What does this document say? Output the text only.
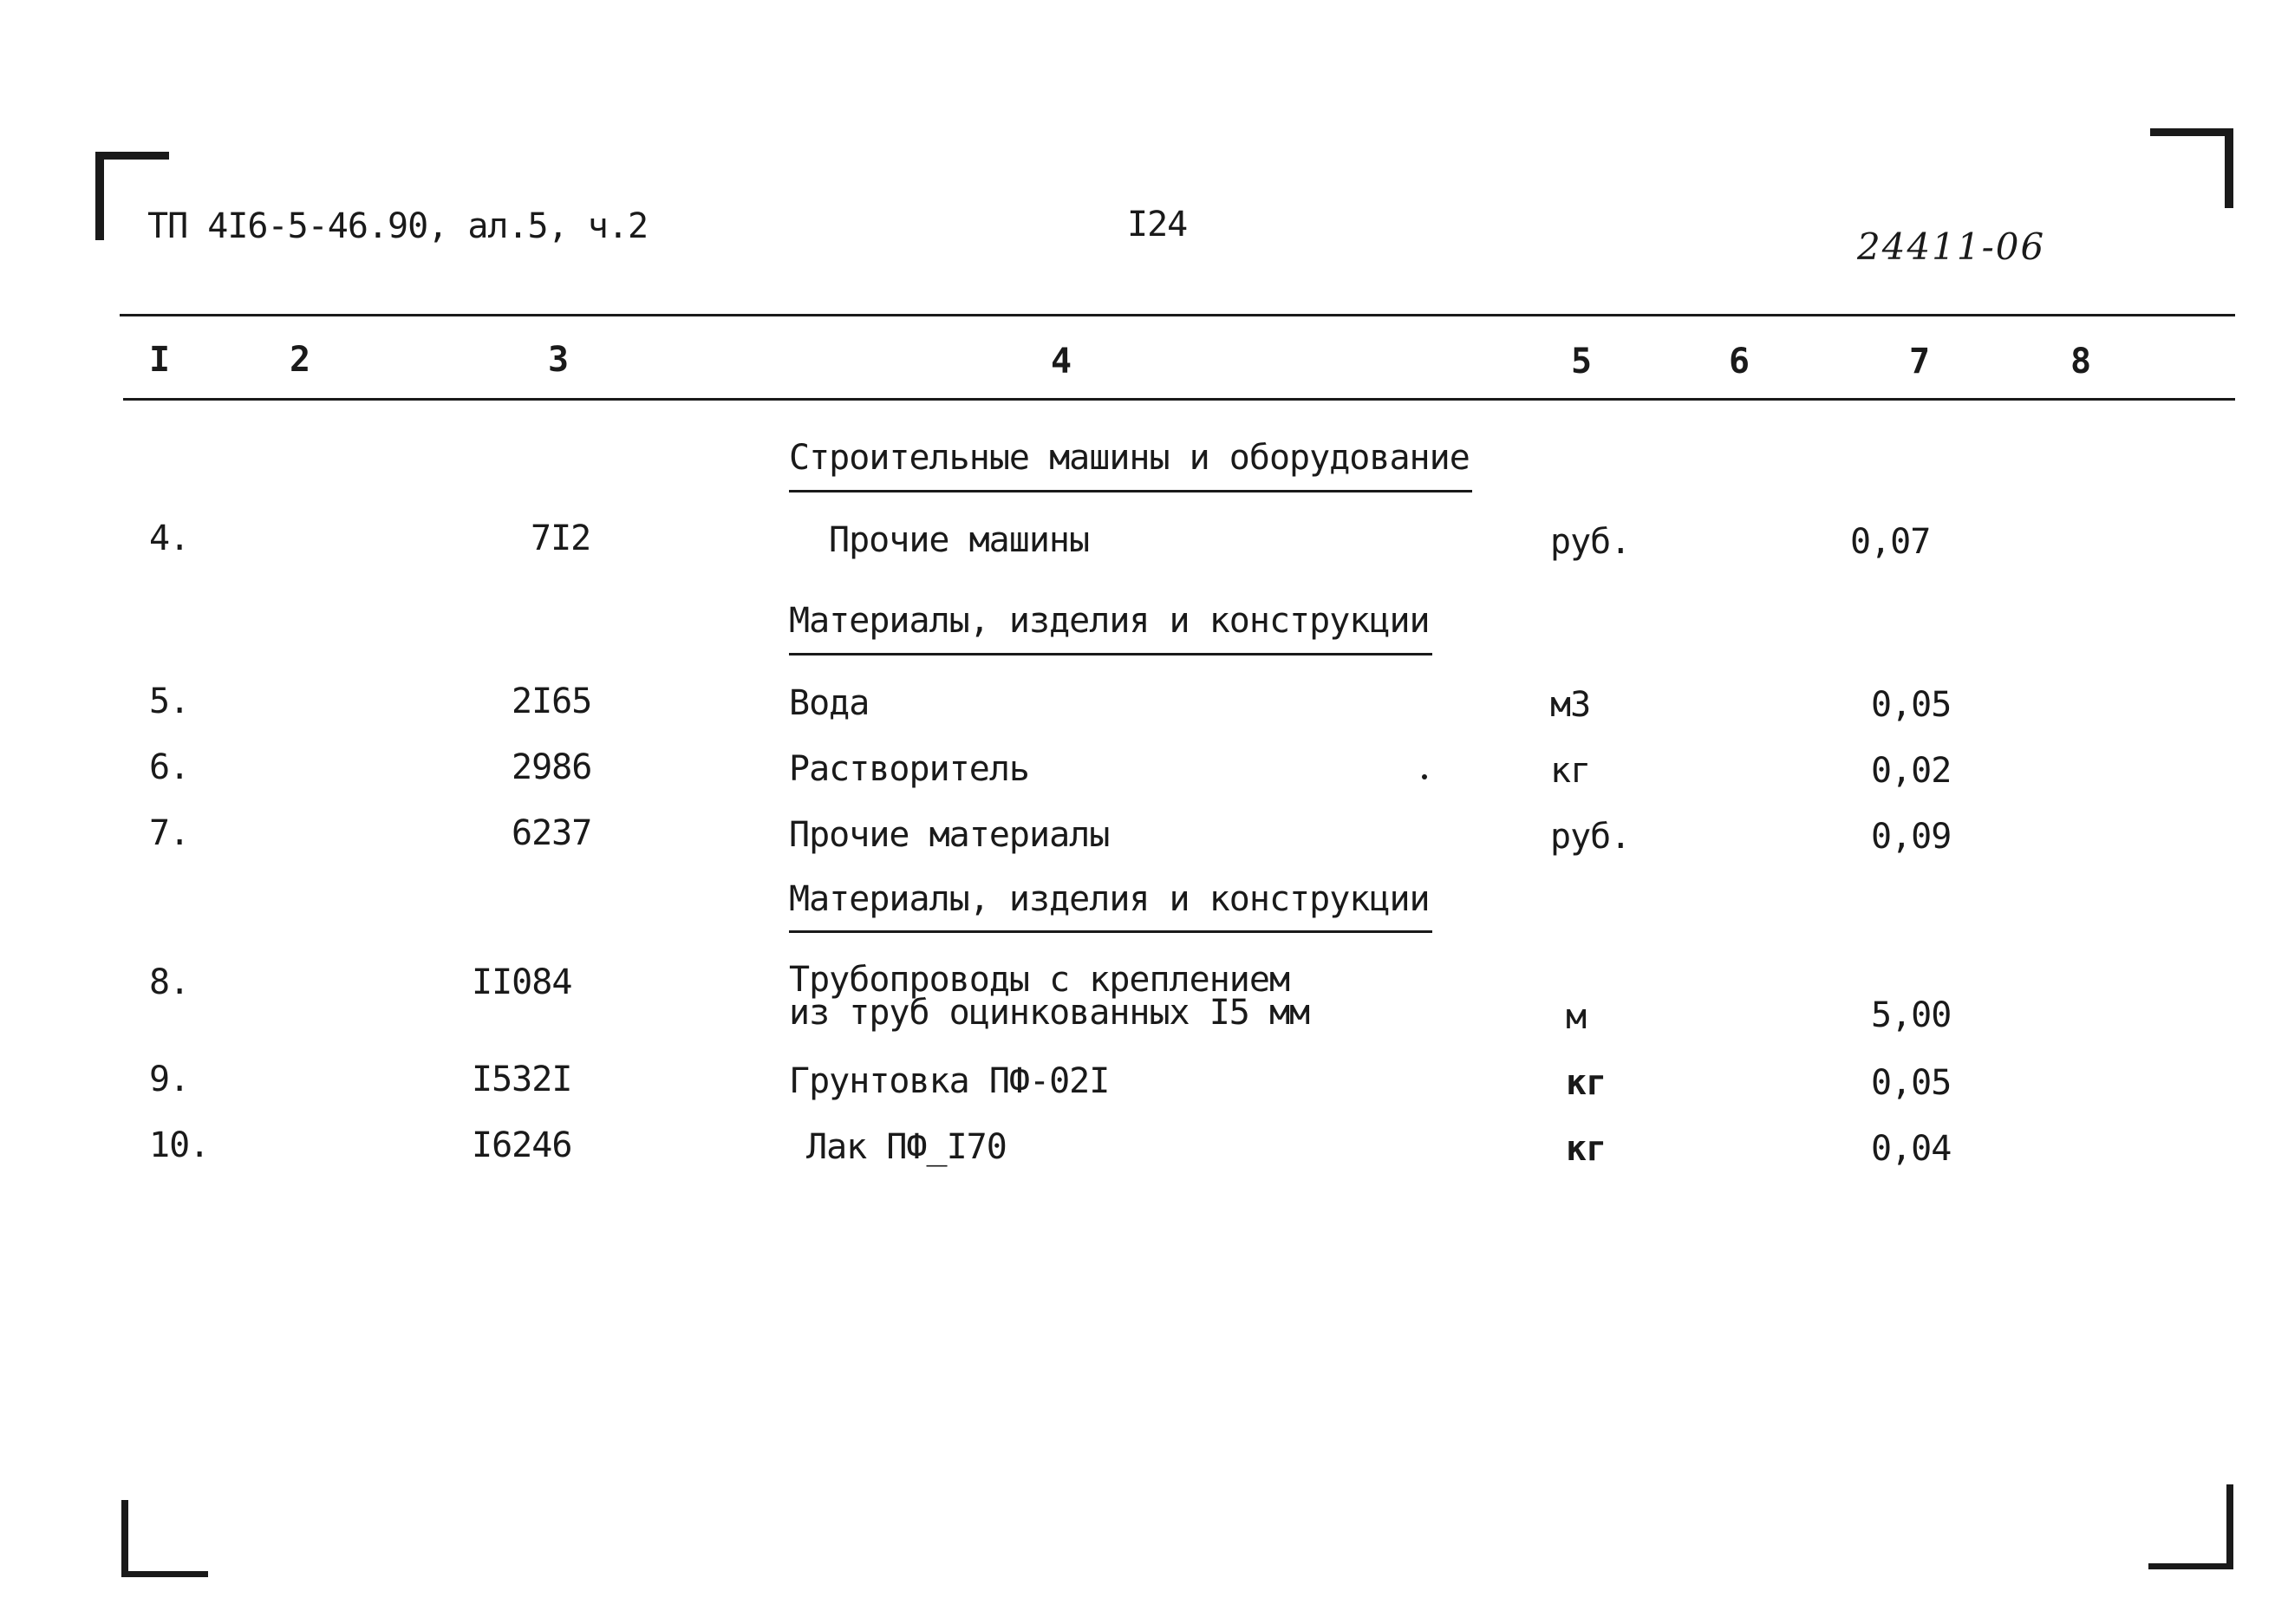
ТП 4I6-5-46.90, ал.5, ч.2	I24
24411-06
I	2	3	4	5	6	7	8
Строительные машины и оборудование
4.	7I2	Прочие машины	руб.	0,07
Материалы, изделия и конструкции
5.	2I65	Вода	м3	0,05
6.	2986	Растворитель	кг	0,02
7.	6237	Прочие материалы	руб.	0,09
Материалы, изделия и конструкции
8.	II084	Трубопроводы с креплением
из труб оцинкованных I5 мм	м	5,00
9.	I532I	Грунтовка ПФ-02I	кг	0,05
10.	I6246	Лак ПФ_I70	кг	0,04
